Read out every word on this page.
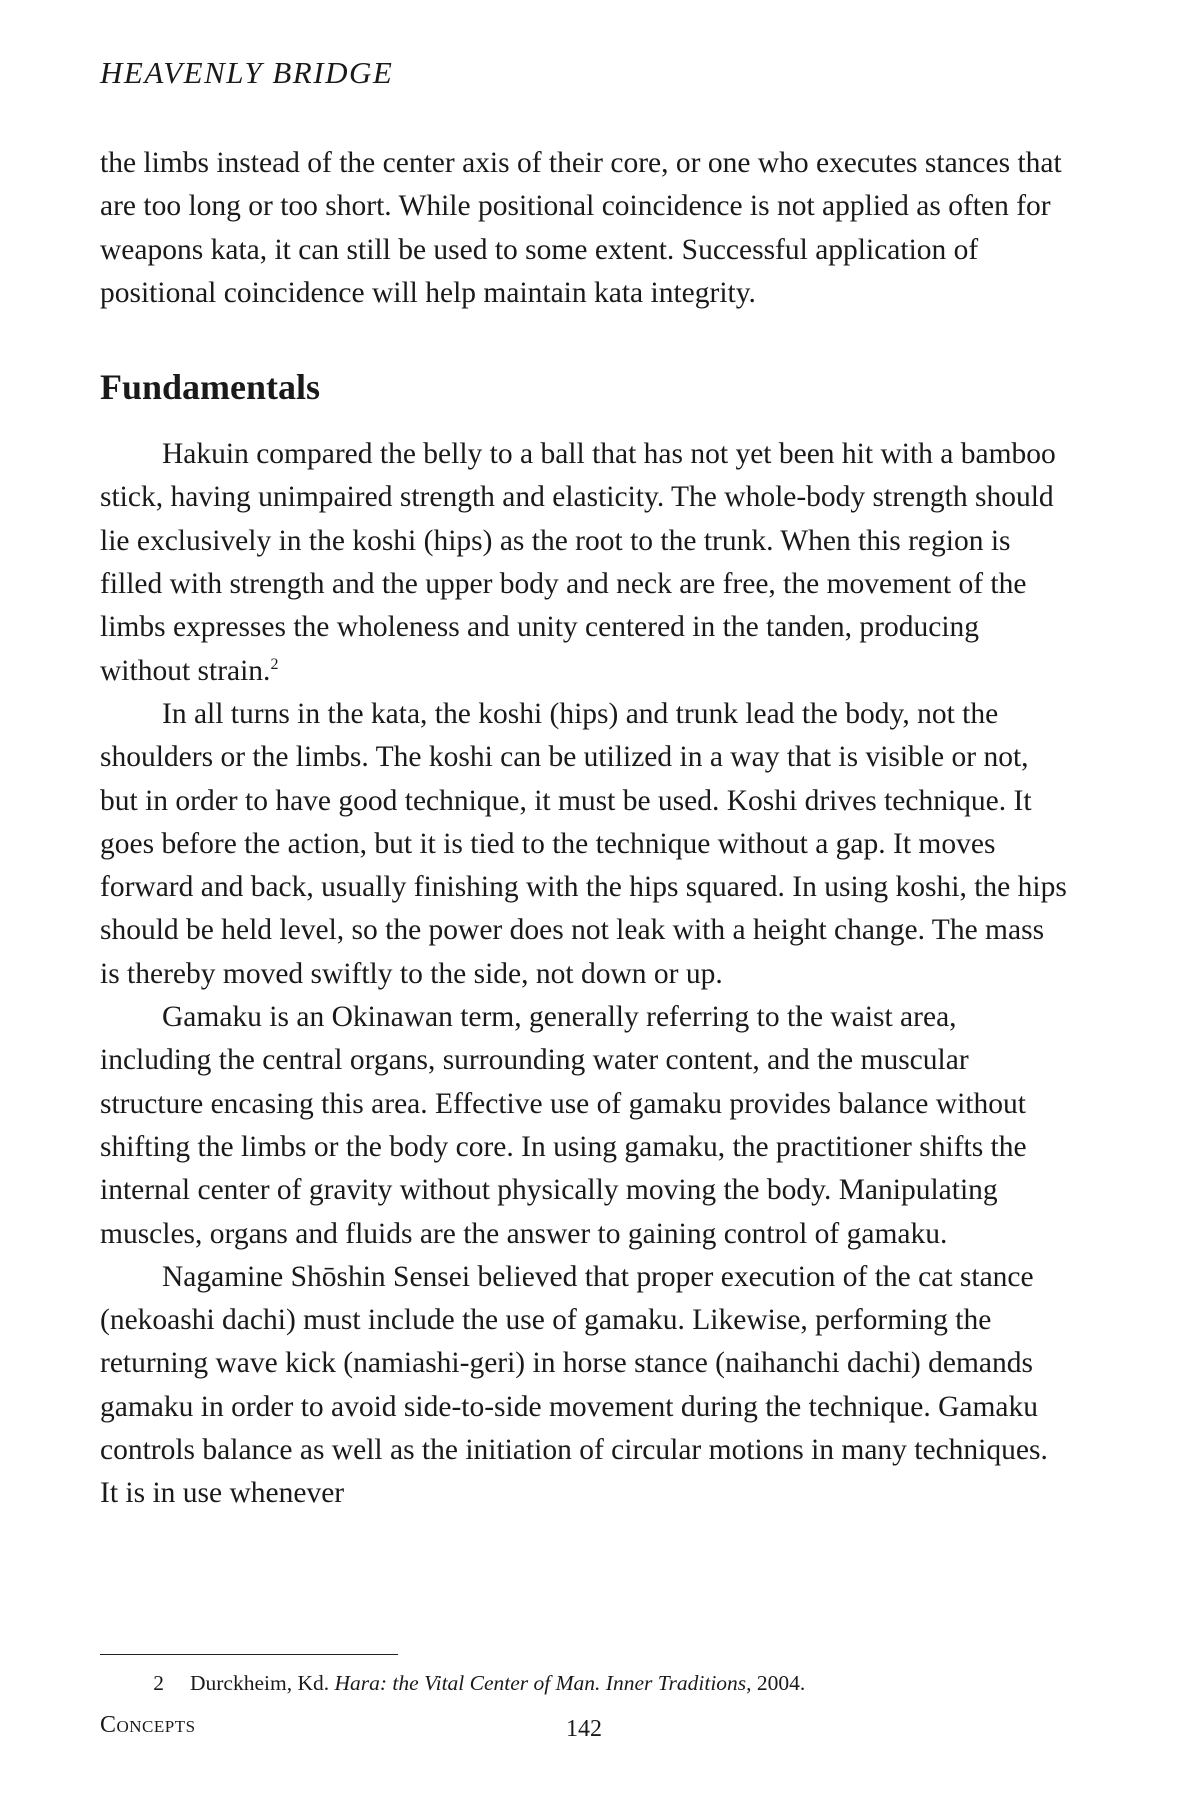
HEAVENLY BRIDGE

the limbs instead of the center axis of their core, or one who executes stances that are too long or too short. While positional coincidence is not applied as often for weapons kata, it can still be used to some extent. Successful application of positional coincidence will help maintain kata integrity.

Fundamentals

Hakuin compared the belly to a ball that has not yet been hit with a bamboo stick, having unimpaired strength and elasticity. The whole-body strength should lie exclusively in the koshi (hips) as the root to the trunk. When this region is filled with strength and the upper body and neck are free, the movement of the limbs expresses the wholeness and unity centered in the tanden, producing without strain.$^2$

In all turns in the kata, the koshi (hips) and trunk lead the body, not the shoulders or the limbs. The koshi can be utilized in a way that is visible or not, but in order to have good technique, it must be used. Koshi drives technique. It goes before the action, but it is tied to the technique without a gap. It moves forward and back, usually finishing with the hips squared. In using koshi, the hips should be held level, so the power does not leak with a height change. The mass is thereby moved swiftly to the side, not down or up.

Gamaku is an Okinawan term, generally referring to the waist area, including the central organs, surrounding water content, and the muscular structure encasing this area. Effective use of gamaku provides balance without shifting the limbs or the body core. In using gamaku, the practitioner shifts the internal center of gravity without physically moving the body. Manipulating muscles, organs and fluids are the answer to gaining control of gamaku.

Nagamine Shōshin Sensei believed that proper execution of the cat stance (nekoashi dachi) must include the use of gamaku. Likewise, performing the returning wave kick (namiashi-geri) in horse stance (naihanchi dachi) demands gamaku in order to avoid side-to-side movement during the technique. Gamaku controls balance as well as the initiation of circular motions in many techniques. It is in use whenever

2 Durckheim, Kd. Hara: the Vital Center of Man. Inner Traditions, 2004.
Concepts	142
